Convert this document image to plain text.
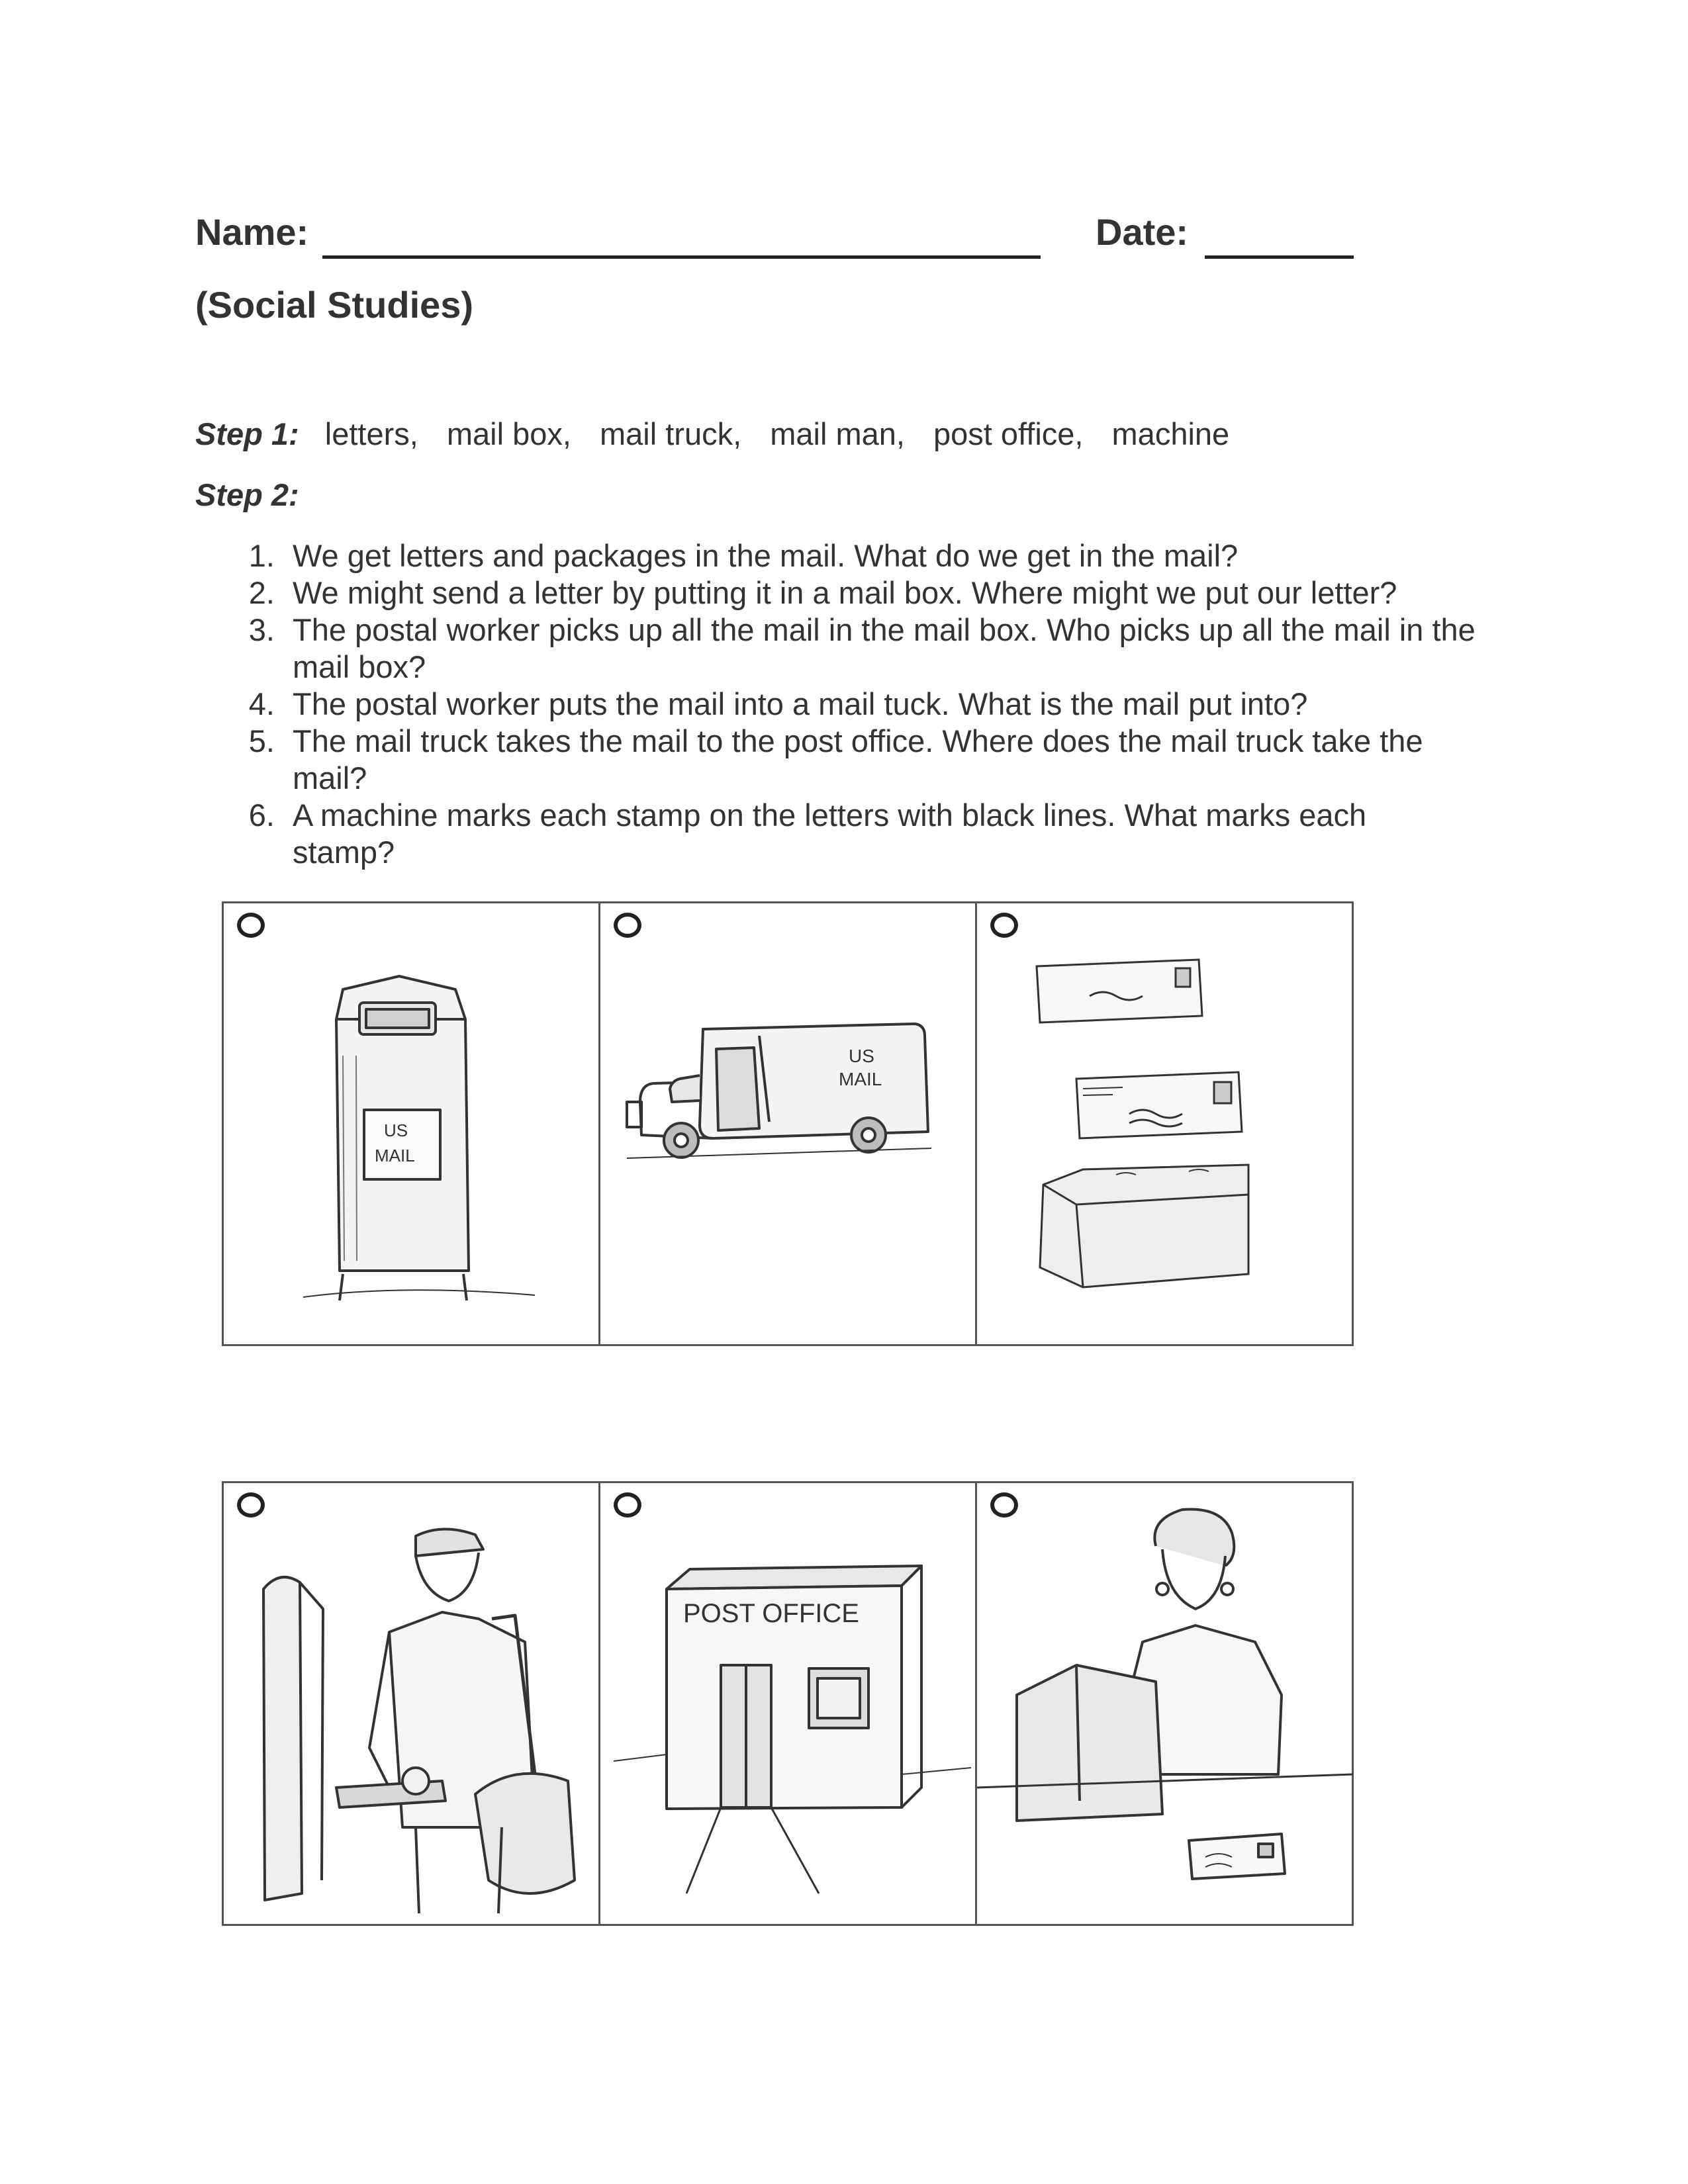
Name:	Date:
(Social Studies)
Step 1: letters, mail box, mail truck, mail man, post office, machine
Step 2:
1. We get letters and packages in the mail. What do we get in the mail?
2. We might send a letter by putting it in a mail box. Where might we put our letter?
3. The postal worker picks up all the mail in the mail box. Who picks up all the mail in the mail box?
4. The postal worker puts the mail into a mail tuck. What is the mail put into?
5. The mail truck takes the mail to the post office. Where does the mail truck take the mail?
6. A machine marks each stamp on the letters with black lines. What marks each stamp?
US
MAIL
US
MAIL
POST OFFICE
